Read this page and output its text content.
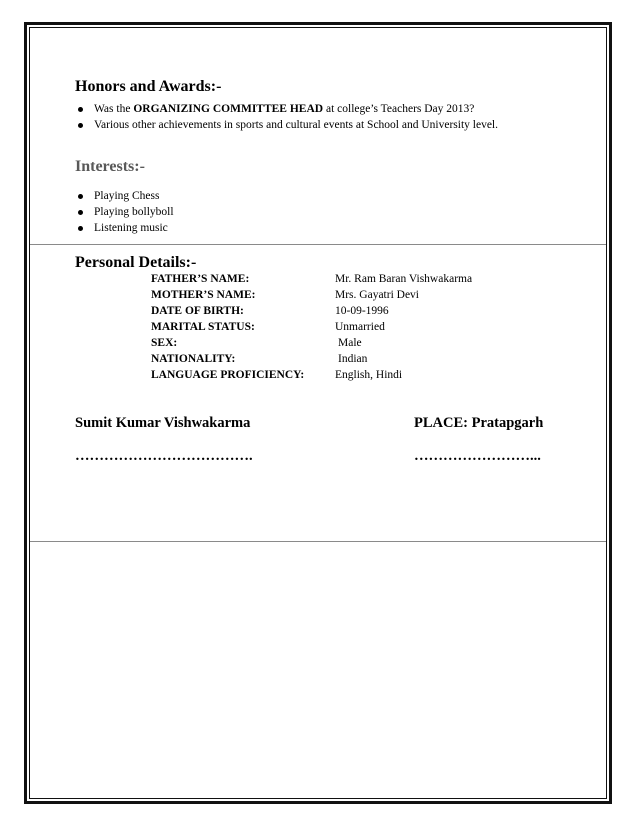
Honors and Awards:-
Was the ORGANIZING COMMITTEE HEAD at college’s Teachers Day 2013?
Various other achievements in sports and cultural events at School and University level.
Interests:-
Playing Chess
Playing bollyboll
Listening music
Personal Details:-
FATHER’S NAME:	Mr. Ram Baran Vishwakarma
MOTHER’S NAME:	Mrs. Gayatri Devi
DATE OF BIRTH:	10-09-1996
MARITAL STATUS:	Unmarried
SEX:	Male
NATIONALITY:	Indian
LANGUAGE PROFICIENCY:	English, Hindi
Sumit Kumar Vishwakarma	PLACE: Pratapgarh
……………………………….	……………………...
